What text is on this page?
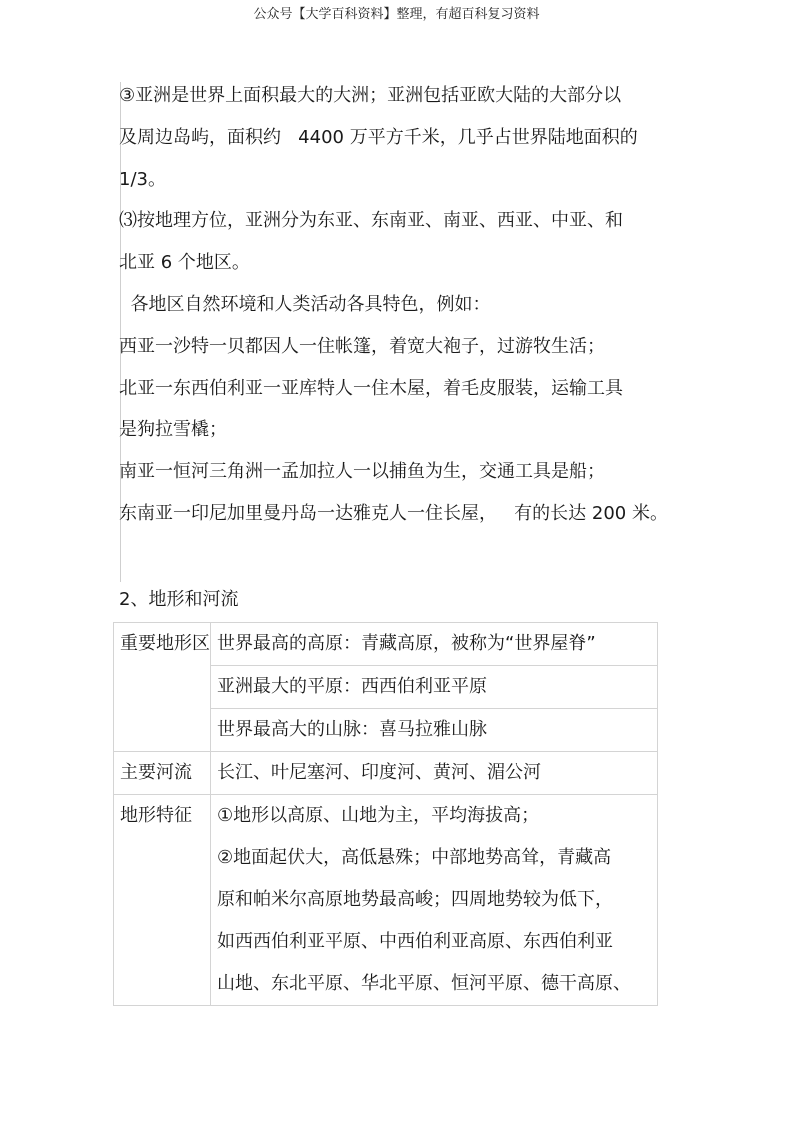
公众号【大学百科资料】整理，有超百科复习资料
③亚洲是世界上面积最大的大洲；亚洲包括亚欧大陆的大部分以
及周边岛屿，面积约   4400 万平方千米，几乎占世界陆地面积的
1/3。
⑶按地理方位，亚洲分为东亚、东南亚、南亚、西亚、中亚、和
北亚 6 个地区。
各地区自然环境和人类活动各具特色，例如：
西亚一沙特一贝都因人一住帐篷，着宽大袍子，过游牧生活；
北亚一东西伯利亚一亚库特人一住木屋，着毛皮服装，运输工具
是狗拉雪橇；
南亚一恒河三角洲一孟加拉人一以捕鱼为生，交通工具是船；
东南亚一印尼加里曼丹岛一达雅克人一住长屋，   有的长达 200 米。
2、地形和河流
重要地形区	世界最高的高原：青藏高原，被称为“世界屋脊”
	亚洲最大的平原：西西伯利亚平原
	世界最高大的山脉：喜马拉雅山脉

主要河流	长江、叶尼塞河、印度河、黄河、湄公河

地形特征	①地形以高原、山地为主，平均海拔高；
②地面起伏大，高低悬殊；中部地势高耸，青藏高
原和帕米尔高原地势最高峻；四周地势较为低下，
如西西伯利亚平原、中西伯利亚高原、东西伯利亚
山地、东北平原、华北平原、恒河平原、德干高原、
